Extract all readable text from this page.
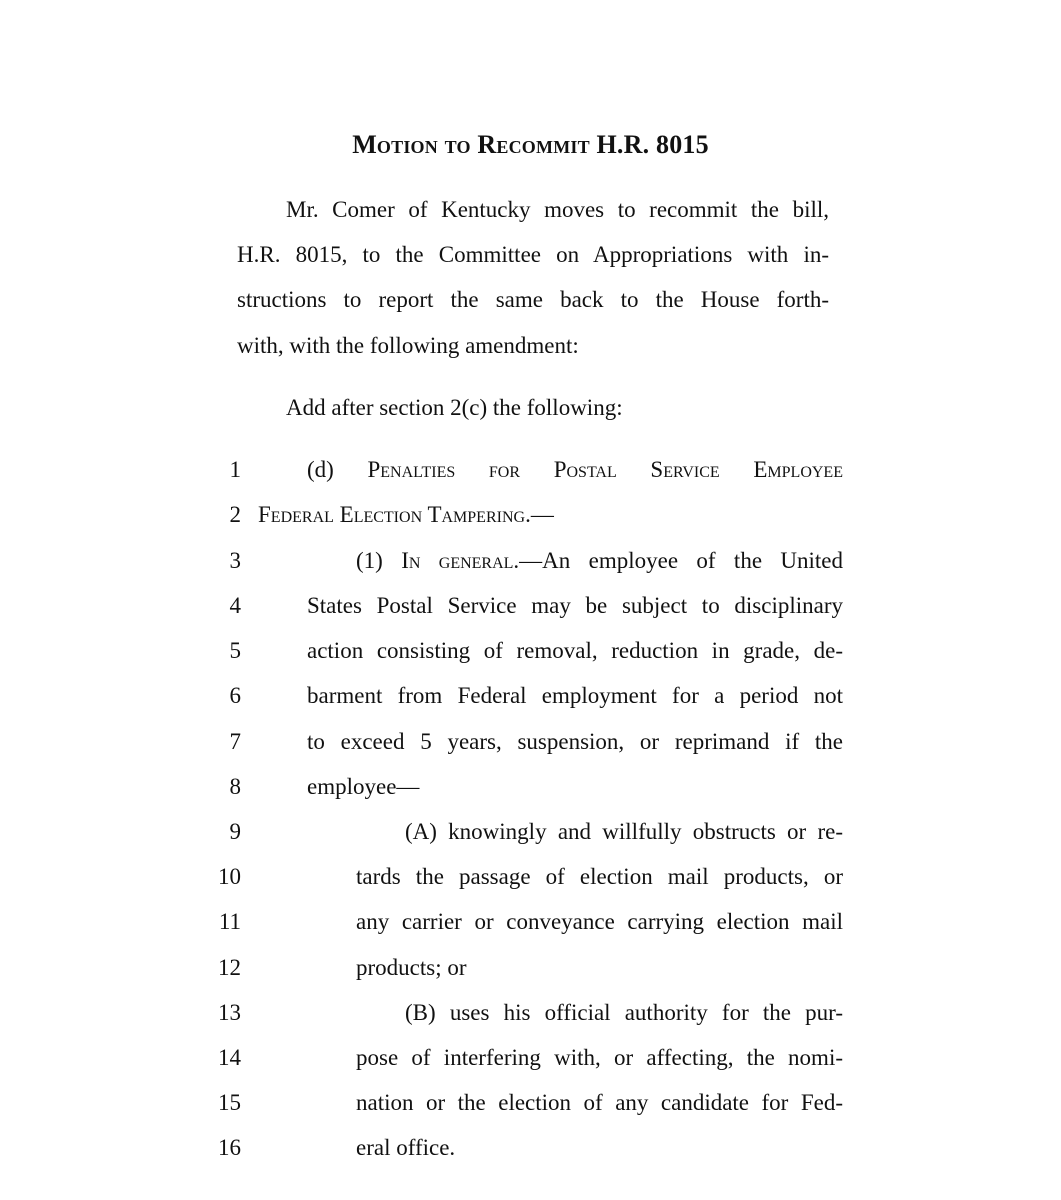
Motion to Recommit H.R. 8015
Mr. Comer of Kentucky moves to recommit the bill,
H.R. 8015, to the Committee on Appropriations with in-
structions to report the same back to the House forth-
with, with the following amendment:
Add after section 2(c) the following:
1	(d) Penalties for Postal Service Employee
2 Federal Election Tampering.—
3	(1) In general.—An employee of the United
4	States Postal Service may be subject to disciplinary
5	action consisting of removal, reduction in grade, de-
6	barment from Federal employment for a period not
7	to exceed 5 years, suspension, or reprimand if the
8	employee—
9	(A) knowingly and willfully obstructs or re-
10	tards the passage of election mail products, or
11	any carrier or conveyance carrying election mail
12	products; or
13	(B) uses his official authority for the pur-
14	pose of interfering with, or affecting, the nomi-
15	nation or the election of any candidate for Fed-
16	eral office.
